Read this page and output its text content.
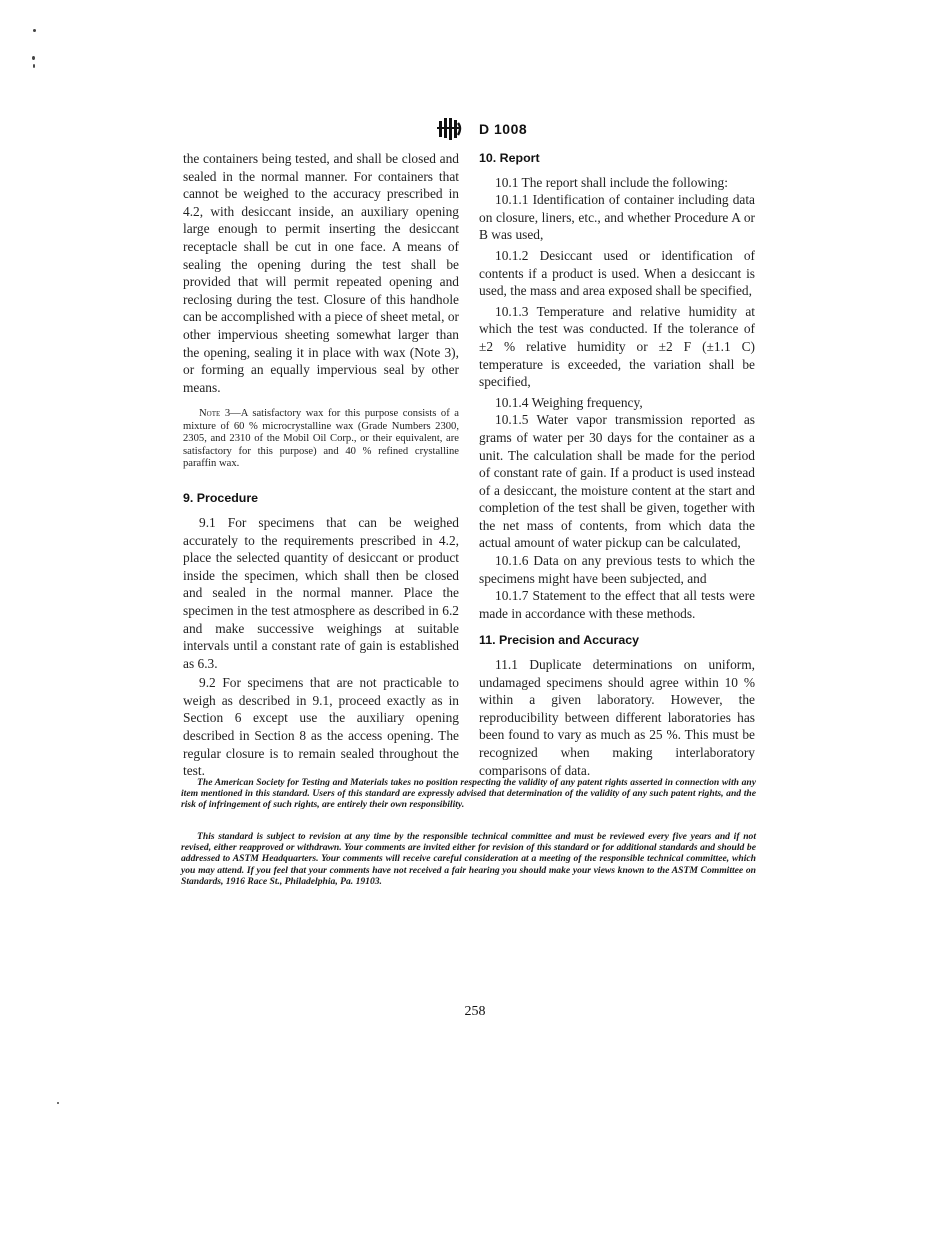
D 1008

the containers being tested, and shall be closed and sealed in the normal manner. For containers that cannot be weighed to the accuracy prescribed in 4.2, with desiccant inside, an auxiliary opening large enough to permit inserting the desiccant receptacle shall be cut in one face. A means of sealing the opening during the test shall be provided that will permit repeated opening and reclosing during the test. Closure of this handhole can be accomplished with a piece of sheet metal, or other impervious sheeting somewhat larger than the opening, sealing it in place with wax (Note 3), or forming an equally impervious seal by other means.

Note 3—A satisfactory wax for this purpose consists of a mixture of 60 % microcrystalline wax (Grade Numbers 2300, 2305, and 2310 of the Mobil Oil Corp., or their equivalent, are satisfactory for this purpose) and 40 % refined crystalline paraffin wax.

9. Procedure

9.1 For specimens that can be weighed accurately to the requirements prescribed in 4.2, place the selected quantity of desiccant or product inside the specimen, which shall then be closed and sealed in the normal manner. Place the specimen in the test atmosphere as described in 6.2 and make successive weighings at suitable intervals until a constant rate of gain is established as 6.3.

9.2 For specimens that are not practicable to weigh as described in 9.1, proceed exactly as in Section 6 except use the auxiliary opening described in Section 8 as the access opening. The regular closure is to remain sealed throughout the test.

10. Report

10.1 The report shall include the following:

10.1.1 Identification of container including data on closure, liners, etc., and whether Procedure A or B was used,

10.1.2 Desiccant used or identification of contents if a product is used. When a desiccant is used, the mass and area exposed shall be specified,

10.1.3 Temperature and relative humidity at which the test was conducted. If the tolerance of ±2 % relative humidity or ±2 F (±1.1 C) temperature is exceeded, the variation shall be specified,

10.1.4 Weighing frequency,

10.1.5 Water vapor transmission reported as grams of water per 30 days for the container as a unit. The calculation shall be made for the period of constant rate of gain. If a product is used instead of a desiccant, the moisture content at the start and completion of the test shall be given, together with the net mass of contents, from which data the actual amount of water pickup can be calculated,

10.1.6 Data on any previous tests to which the specimens might have been subjected, and

10.1.7 Statement to the effect that all tests were made in accordance with these methods.

11. Precision and Accuracy

11.1 Duplicate determinations on uniform, undamaged specimens should agree within 10 % within a given laboratory. However, the reproducibility between different laboratories has been found to vary as much as 25 %. This must be recognized when making interlaboratory comparisons of data.

The American Society for Testing and Materials takes no position respecting the validity of any patent rights asserted in connection with any item mentioned in this standard. Users of this standard are expressly advised that determination of the validity of any such patent rights, and the risk of infringement of such rights, are entirely their own responsibility.

This standard is subject to revision at any time by the responsible technical committee and must be reviewed every five years and if not revised, either reapproved or withdrawn. Your comments are invited either for revision of this standard or for additional standards and should be addressed to ASTM Headquarters. Your comments will receive careful consideration at a meeting of the responsible technical committee, which you may attend. If you feel that your comments have not received a fair hearing you should make your views known to the ASTM Committee on Standards, 1916 Race St., Philadelphia, Pa. 19103.

258
